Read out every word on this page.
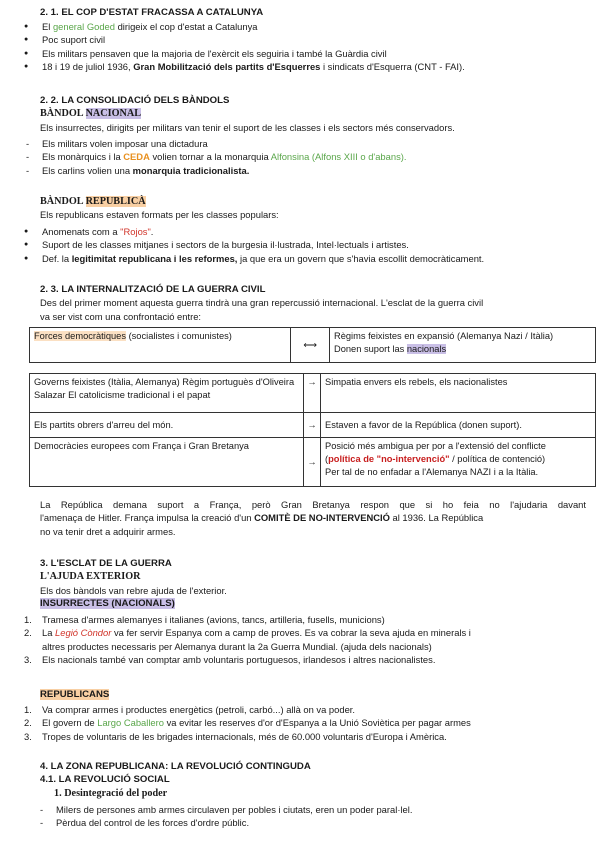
2. 1. EL COP D'ESTAT FRACASSA A CATALUNYA

● El general Goded dirigeix el cop d'estat a Catalunya
● Poc suport civil
● Els militars pensaven que la majoria de l'exèrcit els seguiria i també la Guàrdia civil
● 18 i 19 de juliol 1936, Gran Mobilització dels partits d'Esquerres i sindicats d'Esquerra (CNT - FAI).

2. 2. LA CONSOLIDACIÓ DELS BÀNDOLS

BÀNDOL NACIONAL

Els insurrectes, dirigits per militars van tenir el suport de les classes i els sectors més conservadors.

- Els militars volen imposar una dictadura
- Els monàrquics i la CEDA volien tornar a la monarquia Alfonsina (Alfons XIII o d'abans).
- Els carlins volien una monarquia tradicionalista.

BÀNDOL REPUBLICÀ

Els republicans estaven formats per les classes populars:

● Anomenats com a "Rojos".
● Suport de les classes mitjanes i sectors de la burgesia il·lustrada, Intel·lectuals i artistes.
● Def. la legitimitat republicana i les reformes, ja que era un govern que s'havia escollit democràticament.

2. 3. LA INTERNALITZACIÓ DE LA GUERRA CIVIL

Des del primer moment aquesta guerra tindrà una gran repercussió internacional. L'esclat de la guerra civil

va ser vist com una confrontació entre:

Forces democràtiques (socialistes i comunistes)	⟷	
Règims feixistes en expansió (Alemanya Nazi / Itàlia)
Donen suport las nacionals
Governs feixistes (Itàlia, Alemanya) Règim portuguès d'Oliveira Salazar El catolicisme tradicional i el papat	→	Simpatia envers els rebels, els nacionalistes
Els partits obrers d'arreu del món.	→	Estaven a favor de la República (donen suport).
Democràcies europees com França i Gran Bretanya	→	Posició més ambigua per por a l'extensió del conflicte
(política de "no-intervenció" / política de contenció)
Per tal de no enfadar a l'Alemanya NAZI i a la Itàlia.

La República demana suport a França, però Gran Bretanya respon que si ho feia no l'ajudaria davant

l'amenaça de Hitler. França impulsa la creació d'un COMITÈ DE NO-INTERVENCIÓ al 1936. La República

no va tenir dret a adquirir armes.

3. L'ESCLAT DE LA GUERRA

L'AJUDA EXTERIOR

Els dos bàndols van rebre ajuda de l'exterior.

INSURRECTES (NACIONALS)

1. Tramesa d'armes alemanyes i italianes (avions, tancs, artilleria, fusells, municions)
2. La Legió Còndor va fer servir Espanya com a camp de proves. Es va cobrar la seva ajuda en minerals i
altres productes necessaris per Alemanya durant la 2a Guerra Mundial. (ajuda dels nacionals)
3. Els nacionals també van comptar amb voluntaris portuguesos, irlandesos i altres nacionalistes.

REPUBLICANS

1. Va comprar armes i productes energètics (petroli, carbó...) allà on va poder.
2. El govern de Largo Caballero va evitar les reserves d'or d'Espanya a la Unió Soviètica per pagar armes
3. Tropes de voluntaris de les brigades internacionals, més de 60.000 voluntaris d'Europa i Amèrica.

4. LA ZONA REPUBLICANA: LA REVOLUCIÓ CONTINGUDA

4.1. LA REVOLUCIÓ SOCIAL

1. Desintegració del poder

- Milers de persones amb armes circulaven per pobles i ciutats, eren un poder paral·lel.
- Pèrdua del control de les forces d'ordre públic.
